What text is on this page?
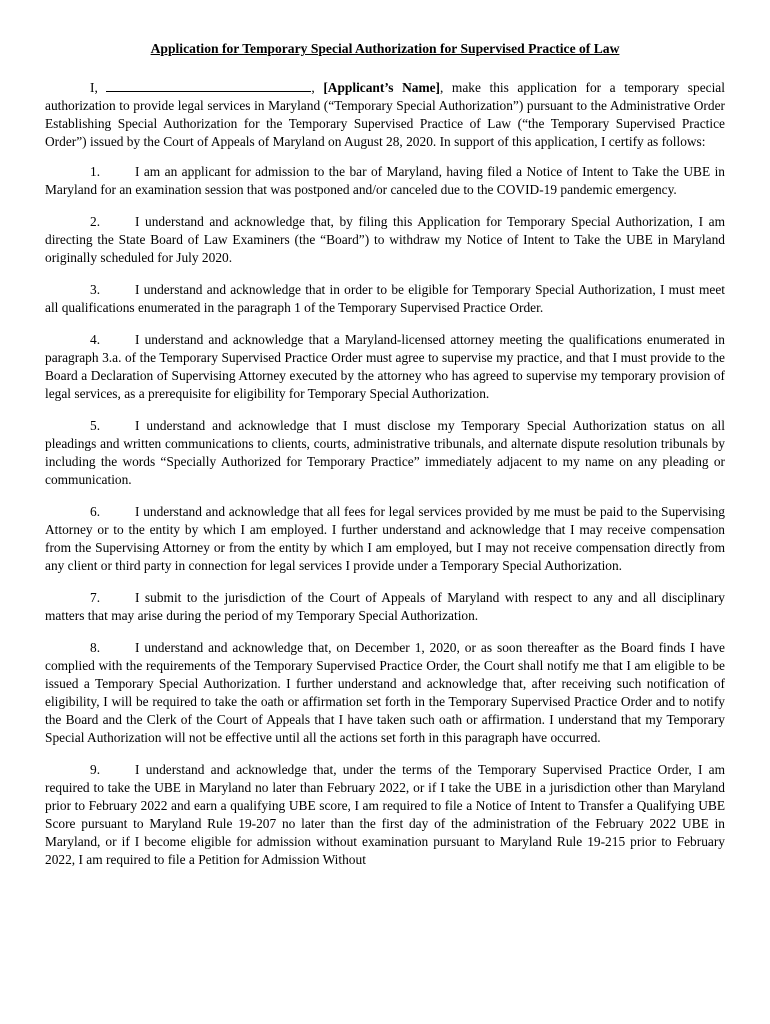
Application for Temporary Special Authorization for Supervised Practice of Law

I,	, [Applicant’s Name], make this application for a temporary special authorization to provide legal services in Maryland (“Temporary Special Authorization”) pursuant to the Administrative Order Establishing Special Authorization for the Temporary Supervised Practice of Law (“the Temporary Supervised Practice Order”) issued by the Court of Appeals of Maryland on August 28, 2020. In support of this application, I certify as follows:

1.	I am an applicant for admission to the bar of Maryland, having filed a Notice of Intent to Take the UBE in Maryland for an examination session that was postponed and/or canceled due to the COVID-19 pandemic emergency.

2.	I understand and acknowledge that, by filing this Application for Temporary Special Authorization, I am directing the State Board of Law Examiners (the “Board”) to withdraw my Notice of Intent to Take the UBE in Maryland originally scheduled for July 2020.

3.	I understand and acknowledge that in order to be eligible for Temporary Special Authorization, I must meet all qualifications enumerated in the paragraph 1 of the Temporary Supervised Practice Order.

4.	I understand and acknowledge that a Maryland-licensed attorney meeting the qualifications enumerated in paragraph 3.a. of the Temporary Supervised Practice Order must agree to supervise my practice, and that I must provide to the Board a Declaration of Supervising Attorney executed by the attorney who has agreed to supervise my temporary provision of legal services, as a prerequisite for eligibility for Temporary Special Authorization.

5.	I understand and acknowledge that I must disclose my Temporary Special Authorization status on all pleadings and written communications to clients, courts, administrative tribunals, and alternate dispute resolution tribunals by including the words “Specially Authorized for Temporary Practice” immediately adjacent to my name on any pleading or communication.

6.	I understand and acknowledge that all fees for legal services provided by me must be paid to the Supervising Attorney or to the entity by which I am employed. I further understand and acknowledge that I may receive compensation from the Supervising Attorney or from the entity by which I am employed, but I may not receive compensation directly from any client or third party in connection for legal services I provide under a Temporary Special Authorization.

7.	I submit to the jurisdiction of the Court of Appeals of Maryland with respect to any and all disciplinary matters that may arise during the period of my Temporary Special Authorization.

8.	I understand and acknowledge that, on December 1, 2020, or as soon thereafter as the Board finds I have complied with the requirements of the Temporary Supervised Practice Order, the Court shall notify me that I am eligible to be issued a Temporary Special Authorization. I further understand and acknowledge that, after receiving such notification of eligibility, I will be required to take the oath or affirmation set forth in the Temporary Supervised Practice Order and to notify the Board and the Clerk of the Court of Appeals that I have taken such oath or affirmation. I understand that my Temporary Special Authorization will not be effective until all the actions set forth in this paragraph have occurred.

9.	I understand and acknowledge that, under the terms of the Temporary Supervised Practice Order, I am required to take the UBE in Maryland no later than February 2022, or if I take the UBE in a jurisdiction other than Maryland prior to February 2022 and earn a qualifying UBE score, I am required to file a Notice of Intent to Transfer a Qualifying UBE Score pursuant to Maryland Rule 19-207 no later than the first day of the administration of the February 2022 UBE in Maryland, or if I become eligible for admission without examination pursuant to Maryland Rule 19-215 prior to February 2022, I am required to file a Petition for Admission Without
